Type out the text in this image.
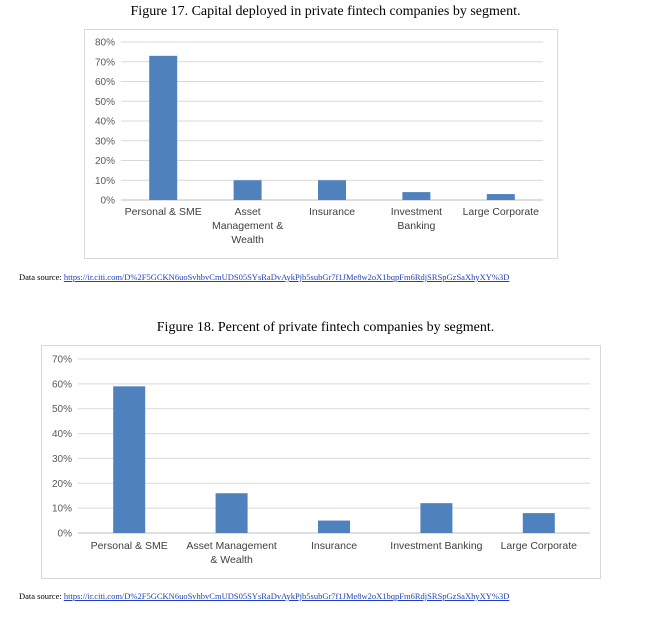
Figure 17. Capital deployed in private fintech companies by segment.
0%
10%
20%
30%
40%
50%
60%
70%
80%
Personal & SME	Asset Management & Wealth
Insurance	Investment Banking
Large Corporate
Data source: https://ir.citi.com/D%2F5GCKN6uoSvhbvCmUDS05SYsRaDvAykPjb5subGr7f1JMe8w2oX1bqpFm6RdjSRSpGzSaXhyXY%3D
Figure 18. Percent of private fintech companies by segment.
0%
10%
20%
30%
40%
50%
60%
70%
Personal & SME Asset Management & Wealth
Insurance	Investment Banking Large Corporate
Data source: https://ir.citi.com/D%2F5GCKN6uoSvhbvCmUDS05SYsRaDvAykPjb5subGr7f1JMe8w2oX1bqpFm6RdjSRSpGzSaXhyXY%3D
